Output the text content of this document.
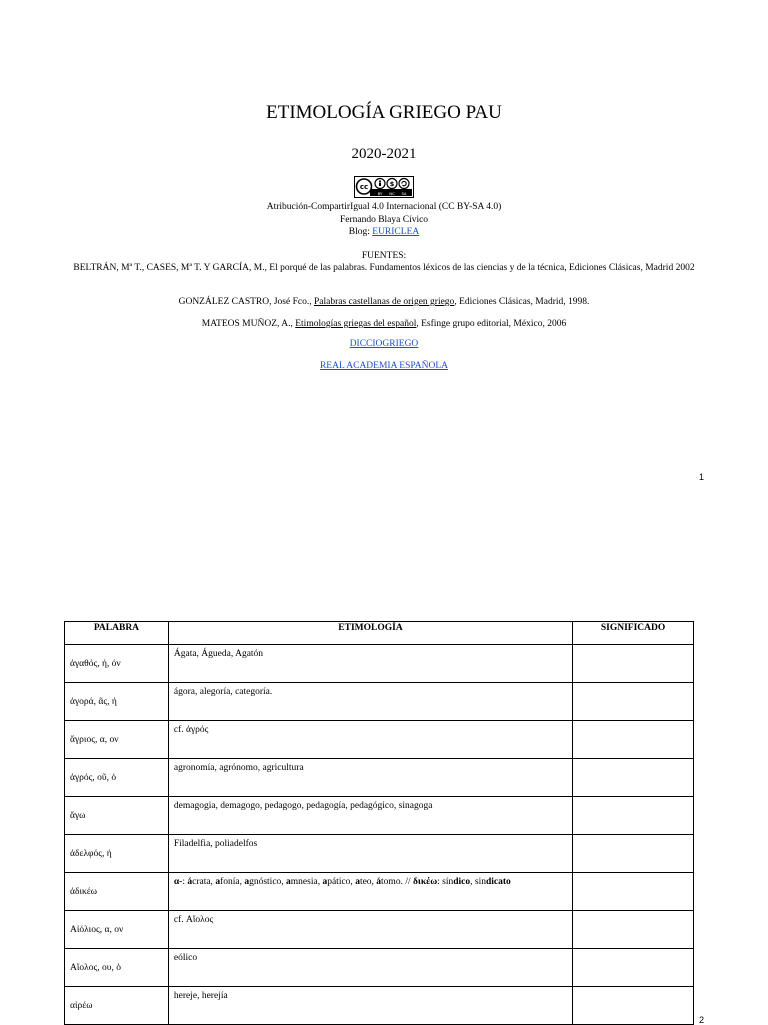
ETIMOLOGÍA GRIEGO PAU
2020-2021
cc	$
BY NC SA
Atribución-CompartirIgual 4.0 Internacional (CC BY-SA 4.0)
Fernando Blaya Cívico
Blog: EURICLEA
FUENTES:
BELTRÁN, Mª T., CASES, Mª T. Y GARCÍA, M., El porqué de las palabras. Fundamentos léxicos de las ciencias y de la técnica, Ediciones Clásicas, Madrid 2002
GONZÁLEZ CASTRO, José Fco., Palabras castellanas de origen griego, Ediciones Clásicas, Madrid, 1998.
MATEOS MUÑOZ, A., Etimologías griegas del español, Esfinge grupo editorial, México, 2006
DICCIOGRIEGO
REAL ACADEMIA ESPAÑOLA
1
PALABRA	ETIMOLOGÍA	SIGNIFICADO
ἀγαθός, ή, όν	Ágata, Águeda, Agatón	
ἀγορά, ᾶς, ἡ	ágora, alegoría, categoría.	
ἄγριος, α, ον	cf. ἀγρός	
ἀγρός, οῦ, ὁ	agronomía, agrónomo, agricultura	
ἄγω	demagogia, demagogo, pedagogo, pedagogía, pedagógico, sinagoga	
ἀδελφός, ἡ	Filadelfia, poliadelfos	
ἀδικέω	α-: ácrata, afonía, agnóstico, amnesia, apático, ateo, átomo. // δικέω: síndico, sindicato	
Αἰόλιος, α, ον	cf. Αἴολος	
Αἴολος, ου, ὁ	eólico	
αἱρέω	hereje, herejía	
2
